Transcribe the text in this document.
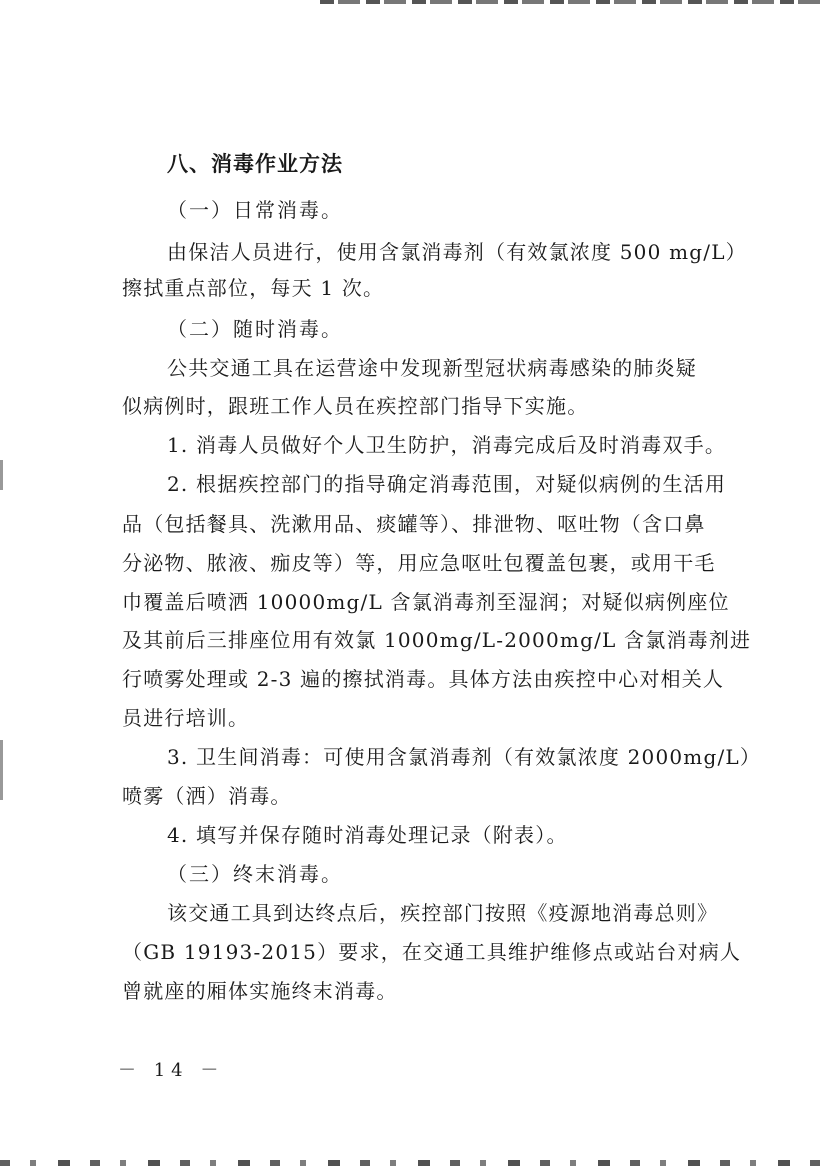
八、消毒作业方法
（一）日常消毒。
由保洁人员进行，使用含氯消毒剂（有效氯浓度 500 mg/L）
擦拭重点部位，每天 1 次。
（二）随时消毒。
公共交通工具在运营途中发现新型冠状病毒感染的肺炎疑
似病例时，跟班工作人员在疾控部门指导下实施。
1. 消毒人员做好个人卫生防护，消毒完成后及时消毒双手。
2. 根据疾控部门的指导确定消毒范围，对疑似病例的生活用
品（包括餐具、洗漱用品、痰罐等）、排泄物、呕吐物（含口鼻
分泌物、脓液、痂皮等）等，用应急呕吐包覆盖包裹，或用干毛
巾覆盖后喷洒 10000mg/L 含氯消毒剂至湿润；对疑似病例座位
及其前后三排座位用有效氯 1000mg/L-2000mg/L 含氯消毒剂进
行喷雾处理或 2-3 遍的擦拭消毒。具体方法由疾控中心对相关人
员进行培训。
3. 卫生间消毒：可使用含氯消毒剂（有效氯浓度 2000mg/L）
喷雾（洒）消毒。
4. 填写并保存随时消毒处理记录（附表）。
（三）终末消毒。
该交通工具到达终点后，疾控部门按照《疫源地消毒总则》
（GB 19193-2015）要求，在交通工具维护维修点或站台对病人
曾就座的厢体实施终末消毒。
－ 14 －
